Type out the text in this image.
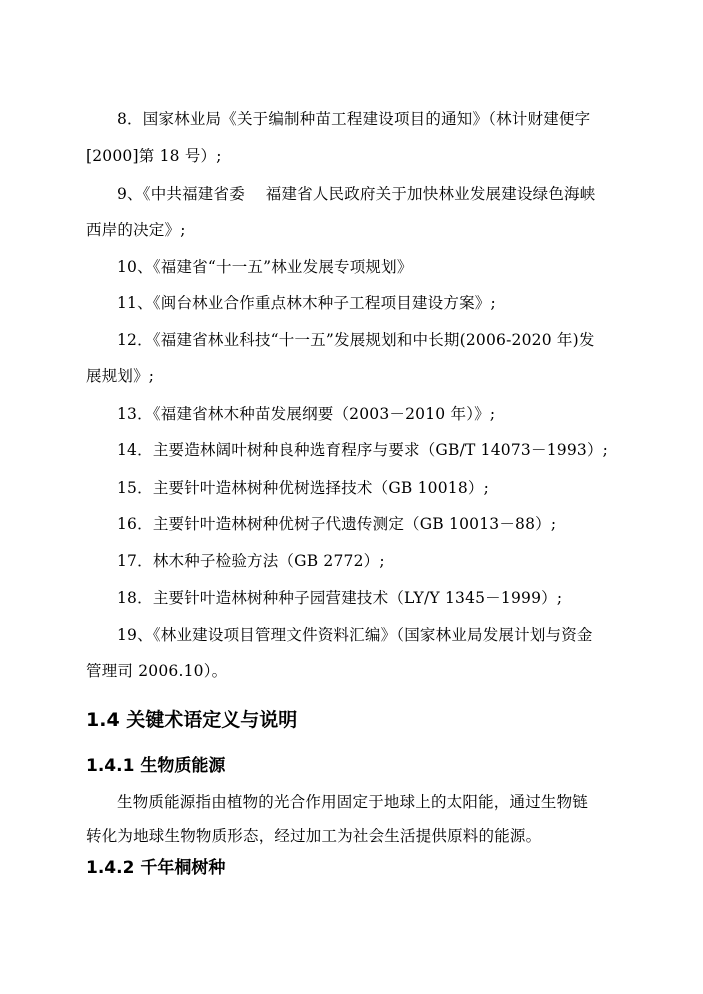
8．国家林业局《关于编制种苗工程建设项目的通知》（林计财建便字
[2000]第 18 号）;
9、《中共福建省委　 福建省人民政府关于加快林业发展建设绿色海峡
西岸的决定》;
10、《福建省“十一五”林业发展专项规划》
11、《闽台林业合作重点林木种子工程项目建设方案》;
12．《福建省林业科技“十一五”发展规划和中长期(2006-2020 年)发
展规划》;
13．《福建省林木种苗发展纲要（2003－2010 年）》;
14．主要造林阔叶树种良种选育程序与要求（GB/T 14073－1993）;
15．主要针叶造林树种优树选择技术（GB 10018）;
16．主要针叶造林树种优树子代遗传测定（GB 10013－88）;
17．林木种子检验方法（GB 2772）;
18．主要针叶造林树种种子园营建技术（LY/Y 1345－1999）;
19、《林业建设项目管理文件资料汇编》（国家林业局发展计划与资金
管理司 2006.10）。
1.4 关键术语定义与说明
1.4.1 生物质能源
生物质能源指由植物的光合作用固定于地球上的太阳能，通过生物链
转化为地球生物物质形态，经过加工为社会生活提供原料的能源。
1.4.2 千年桐树种
